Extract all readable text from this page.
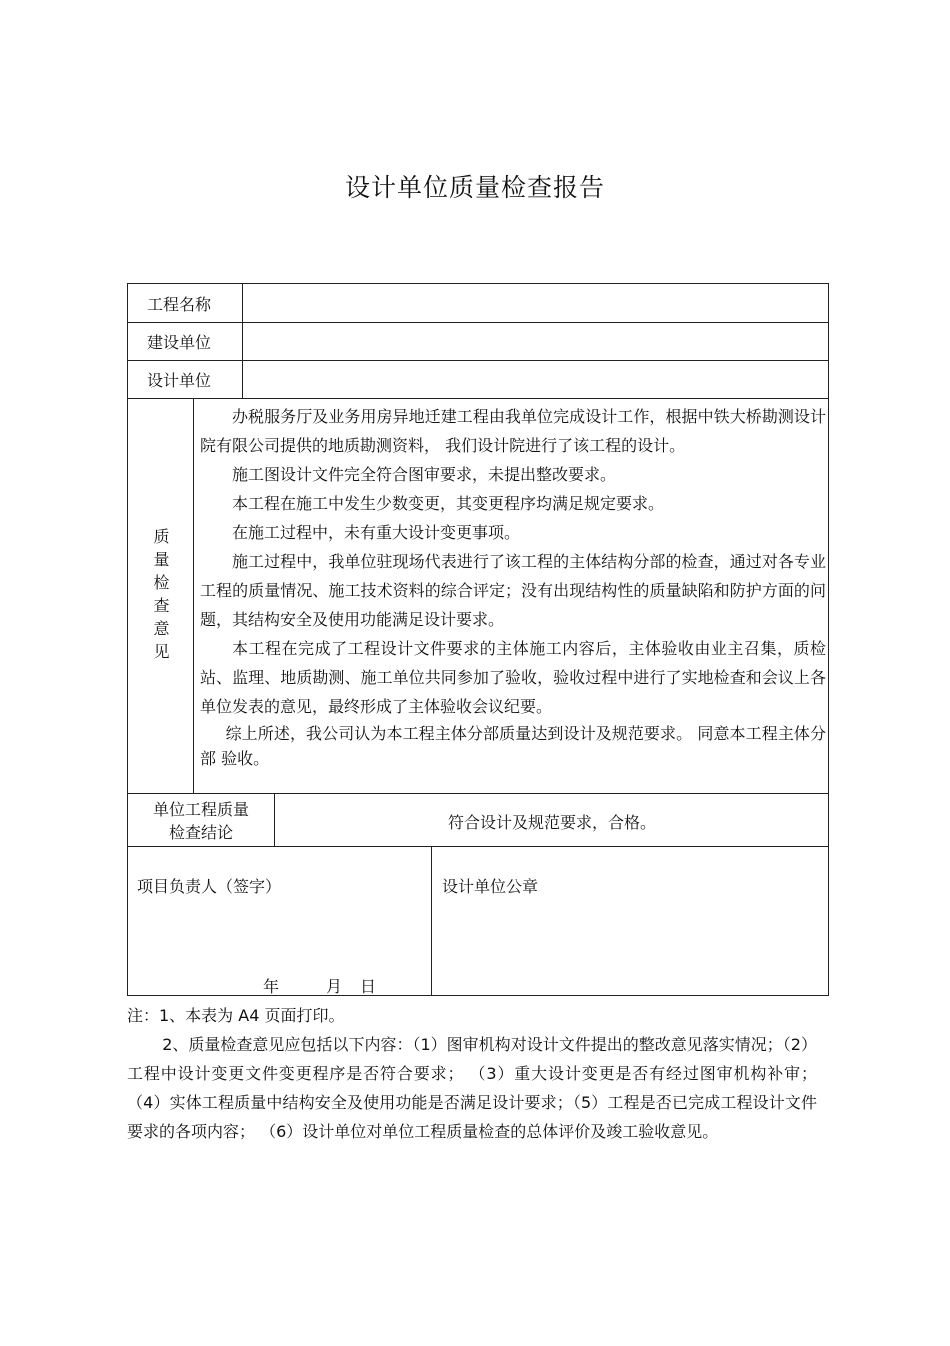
设计单位质量检查报告
工程名称
建设单位
设计单位
质量检查意见

办税服务厅及业务用房异地迁建工程由我单位完成设计工作，根据中铁大桥勘测设计院有限公司提供的地质勘测资料， 我们设计院进行了该工程的设计。

施工图设计文件完全符合图审要求，未提出整改要求。

本工程在施工中发生少数变更，其变更程序均满足规定要求。

在施工过程中，未有重大设计变更事项。

施工过程中，我单位驻现场代表进行了该工程的主体结构分部的检查，通过对各专业工程的质量情况、施工技术资料的综合评定；没有出现结构性的质量缺陷和防护方面的问题，其结构安全及使用功能满足设计要求。

本工程在完成了工程设计文件要求的主体施工内容后，主体验收由业主召集，质检站、监理、地质勘测、施工单位共同参加了验收，验收过程中进行了实地检查和会议上各单位发表的意见，最终形成了主体验收会议纪要。

综上所述，我公司认为本工程主体分部质量达到设计及规范要求。 同意本工程主体分部 验收。

单位工程质量
检查结论
符合设计及规范要求，合格。
项目负责人（签字）
年	月 日
设计单位公章

注：1、本表为 A4 页面打印。

2、质量检查意见应包括以下内容：（1）图审机构对设计文件提出的整改意见落实情况；（2）工程中设计变更文件变更程序是否符合要求； （3）重大设计变更是否有经过图审机构补审； （4）实体工程质量中结构安全及使用功能是否满足设计要求；（5）工程是否已完成工程设计文件要求的各项内容； （6）设计单位对单位工程质量检查的总体评价及竣工验收意见。
